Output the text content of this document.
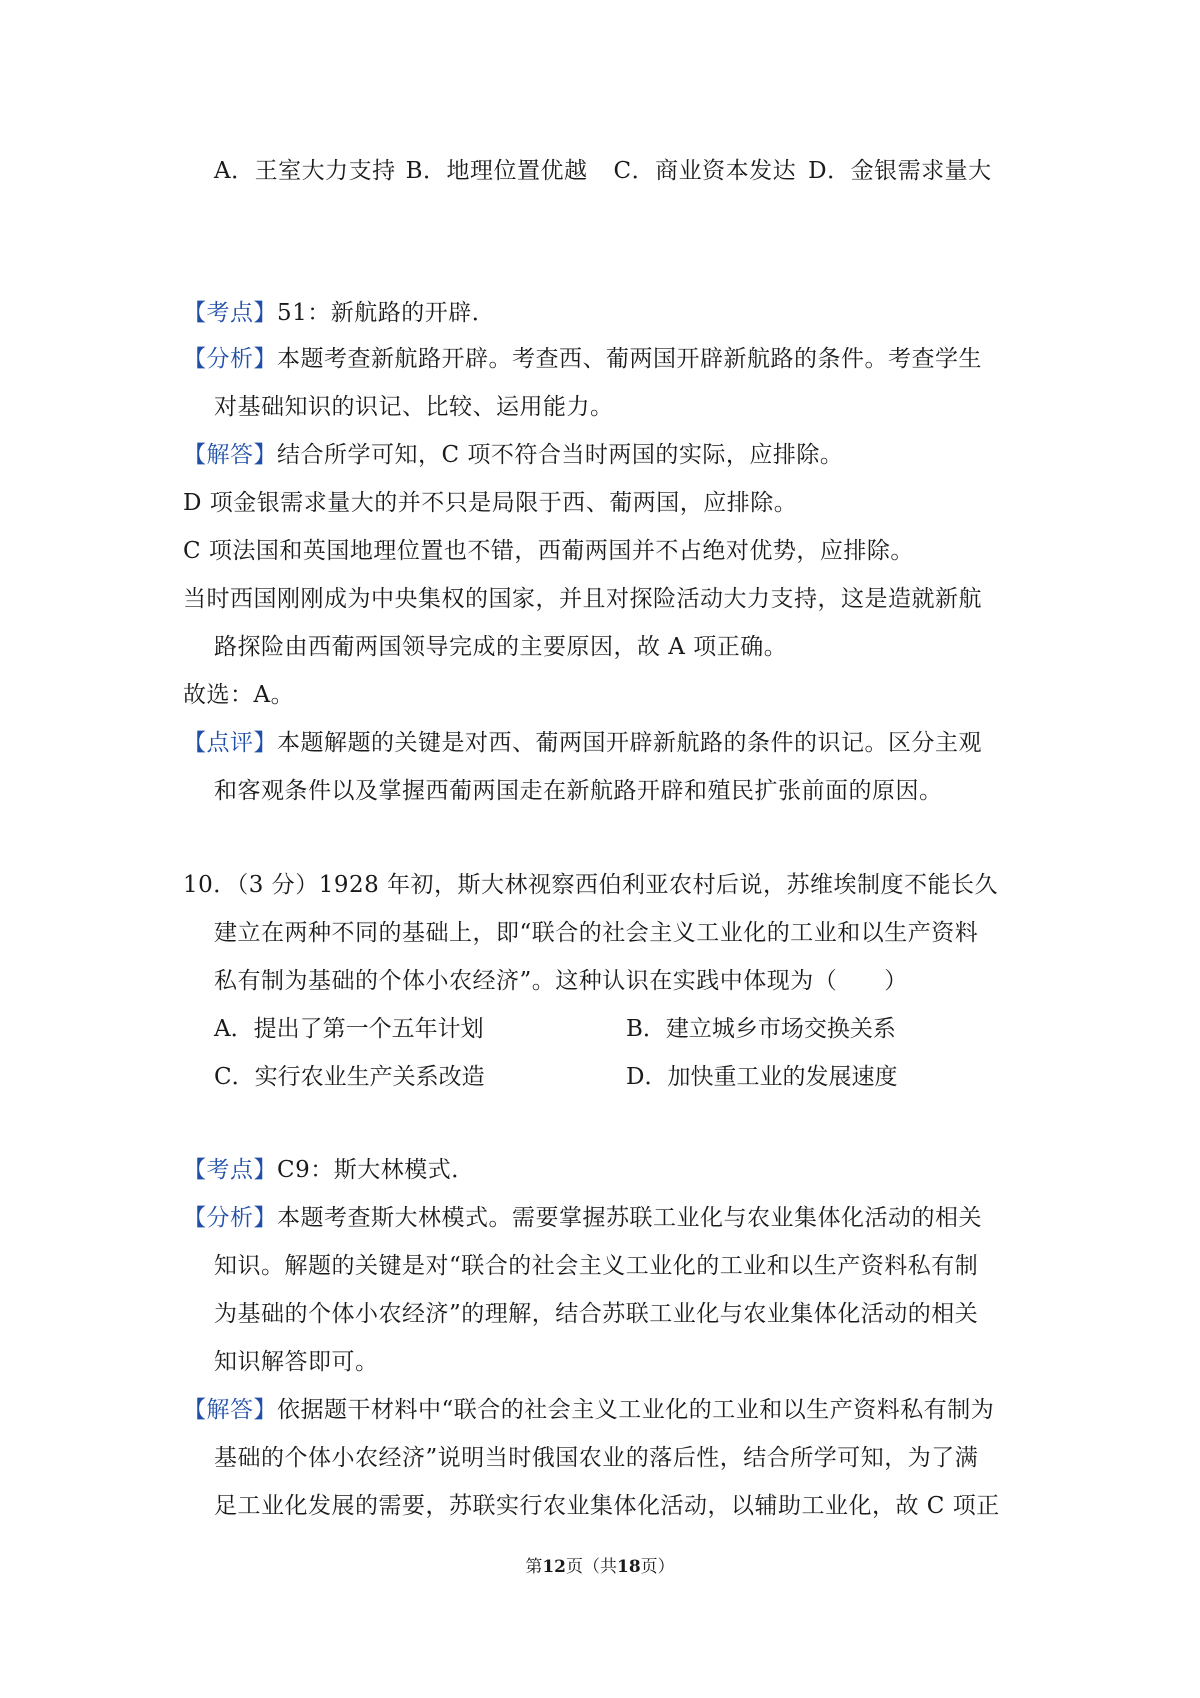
A．王室大力支持 B．地理位置优越 C．商业资本发达 D．金银需求量大
【考点】51：新航路的开辟．
【分析】本题考查新航路开辟。考查西、葡两国开辟新航路的条件。考查学生
对基础知识的识记、比较、运用能力。
【解答】结合所学可知，C 项不符合当时两国的实际，应排除。
D 项金银需求量大的并不只是局限于西、葡两国，应排除。
C 项法国和英国地理位置也不错，西葡两国并不占绝对优势，应排除。
当时西国刚刚成为中央集权的国家，并且对探险活动大力支持，这是造就新航
路探险由西葡两国领导完成的主要原因，故 A 项正确。
故选：A。
【点评】本题解题的关键是对西、葡两国开辟新航路的条件的识记。区分主观
和客观条件以及掌握西葡两国走在新航路开辟和殖民扩张前面的原因。
10．（3 分）1928 年初，斯大林视察西伯利亚农村后说，苏维埃制度不能长久
建立在两种不同的基础上，即“联合的社会主义工业化的工业和以生产资料
私有制为基础的个体小农经济”。这种认识在实践中体现为（　　）
A．提出了第一个五年计划	B．建立城乡市场交换关系
C．实行农业生产关系改造	D．加快重工业的发展速度
【考点】C9：斯大林模式．
【分析】本题考查斯大林模式。需要掌握苏联工业化与农业集体化活动的相关
知识。解题的关键是对“联合的社会主义工业化的工业和以生产资料私有制
为基础的个体小农经济”的理解，结合苏联工业化与农业集体化活动的相关
知识解答即可。
【解答】依据题干材料中“联合的社会主义工业化的工业和以生产资料私有制为
基础的个体小农经济”说明当时俄国农业的落后性，结合所学可知，为了满
足工业化发展的需要，苏联实行农业集体化活动，以辅助工业化，故 C 项正
第12页（共18页）
